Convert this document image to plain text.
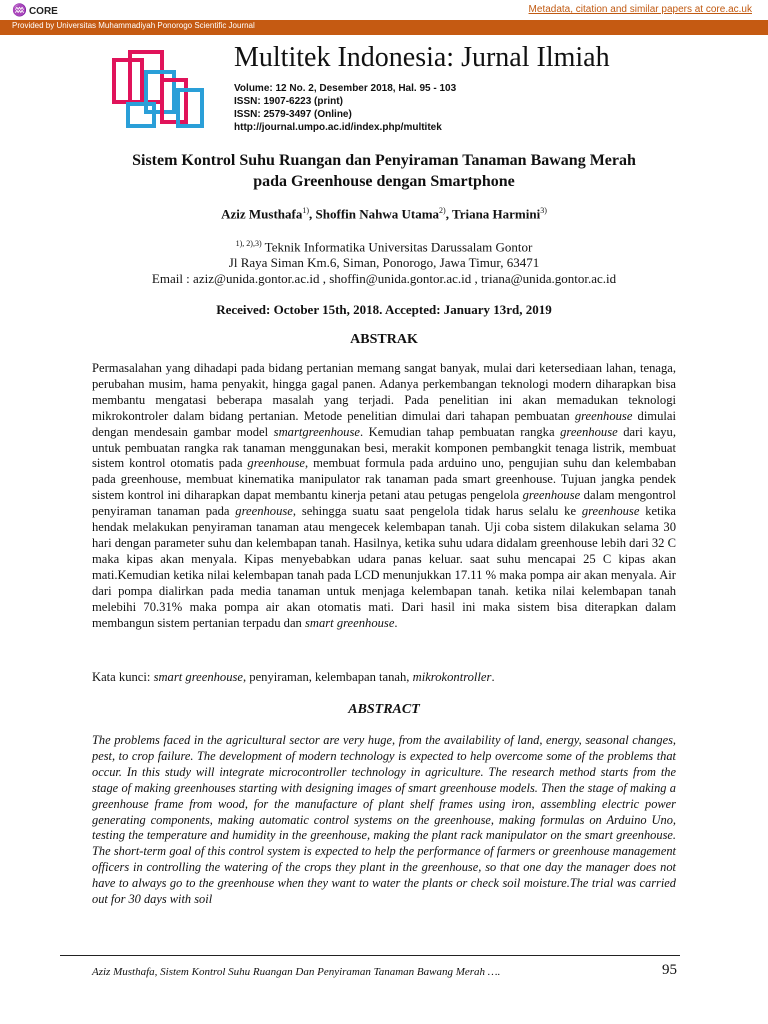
♒ CORE	Metadata, citation and similar papers at core.ac.uk
Provided by Universitas Muhammadiyah Ponorogo Scientific Journal
Multitek Indonesia: Jurnal Ilmiah
Volume: 12 No. 2, Desember 2018, Hal. 95 - 103
ISSN: 1907-6223 (print)
ISSN: 2579-3497 (Online)
http://journal.umpo.ac.id/index.php/multitek
Sistem Kontrol Suhu Ruangan dan Penyiraman Tanaman Bawang Merah
pada Greenhouse dengan Smartphone
Aziz Musthafa$^{1)}$, Shoffin Nahwa Utama$^{2)}$, Triana Harmini$^{3)}$
$^{1), 2),3)}$ Teknik Informatika Universitas Darussalam Gontor
Jl Raya Siman Km.6, Siman, Ponorogo, Jawa Timur, 63471
Email : aziz@unida.gontor.ac.id , shoffin@unida.gontor.ac.id , triana@unida.gontor.ac.id
Received: October 15th, 2018. Accepted: January 13rd, 2019
ABSTRAK
Permasalahan yang dihadapi pada bidang pertanian memang sangat banyak, mulai dari ketersediaan lahan, tenaga, perubahan musim, hama penyakit, hingga gagal panen. Adanya perkembangan teknologi modern diharapkan bisa membantu mengatasi beberapa masalah yang terjadi. Pada penelitian ini akan memadukan teknologi mikrokontroler dalam bidang pertanian. Metode penelitian dimulai dari tahapan pembuatan greenhouse dimulai dengan mendesain gambar model smartgreenhouse. Kemudian tahap pembuatan rangka greenhouse dari kayu, untuk pembuatan rangka rak tanaman menggunakan besi, merakit komponen pembangkit tenaga listrik, membuat sistem kontrol otomatis pada greenhouse, membuat formula pada arduino uno, pengujian suhu dan kelembaban pada greenhouse, membuat kinematika manipulator rak tanaman pada smart greenhouse. Tujuan jangka pendek sistem kontrol ini diharapkan dapat membantu kinerja petani atau petugas pengelola greenhouse dalam mengontrol penyiraman tanaman pada greenhouse, sehingga suatu saat pengelola tidak harus selalu ke greenhouse ketika hendak melakukan penyiraman tanaman atau mengecek kelembapan tanah. Uji coba sistem dilakukan selama 30 hari dengan parameter suhu dan kelembapan tanah. Hasilnya, ketika suhu udara didalam greenhouse lebih dari 32 C maka kipas akan menyala. Kipas menyebabkan udara panas keluar. saat suhu mencapai 25 C kipas akan mati.Kemudian ketika nilai kelembapan tanah pada LCD menunjukkan 17.11 % maka pompa air akan menyala. Air dari pompa dialirkan pada media tanaman untuk menjaga kelembapan tanah. ketika nilai kelembapan tanah melebihi 70.31% maka pompa air akan otomatis mati. Dari hasil ini maka sistem bisa diterapkan dalam membangun sistem pertanian terpadu dan smart greenhouse.
Kata kunci: smart greenhouse, penyiraman, kelembapan tanah, mikrokontroller.
ABSTRACT
The problems faced in the agricultural sector are very huge, from the availability of land, energy, seasonal changes, pest, to crop failure. The development of modern technology is expected to help overcome some of the problems that occur. In this study will integrate microcontroller technology in agriculture. The research method starts from the stage of making greenhouses starting with designing images of smart greenhouse models. Then the stage of making a greenhouse frame from wood, for the manufacture of plant shelf frames using iron, assembling electric power generating components, making automatic control systems on the greenhouse, making formulas on Arduino Uno, testing the temperature and humidity in the greenhouse, making the plant rack manipulator on the smart greenhouse. The short-term goal of this control system is expected to help the performance of farmers or greenhouse management officers in controlling the watering of the crops they plant in the greenhouse, so that one day the manager does not have to always go to the greenhouse when they want to water the plants or check soil moisture.The trial was carried out for 30 days with soil
Aziz Musthafa, Sistem Kontrol Suhu Ruangan Dan Penyiraman Tanaman Bawang Merah ….	95
